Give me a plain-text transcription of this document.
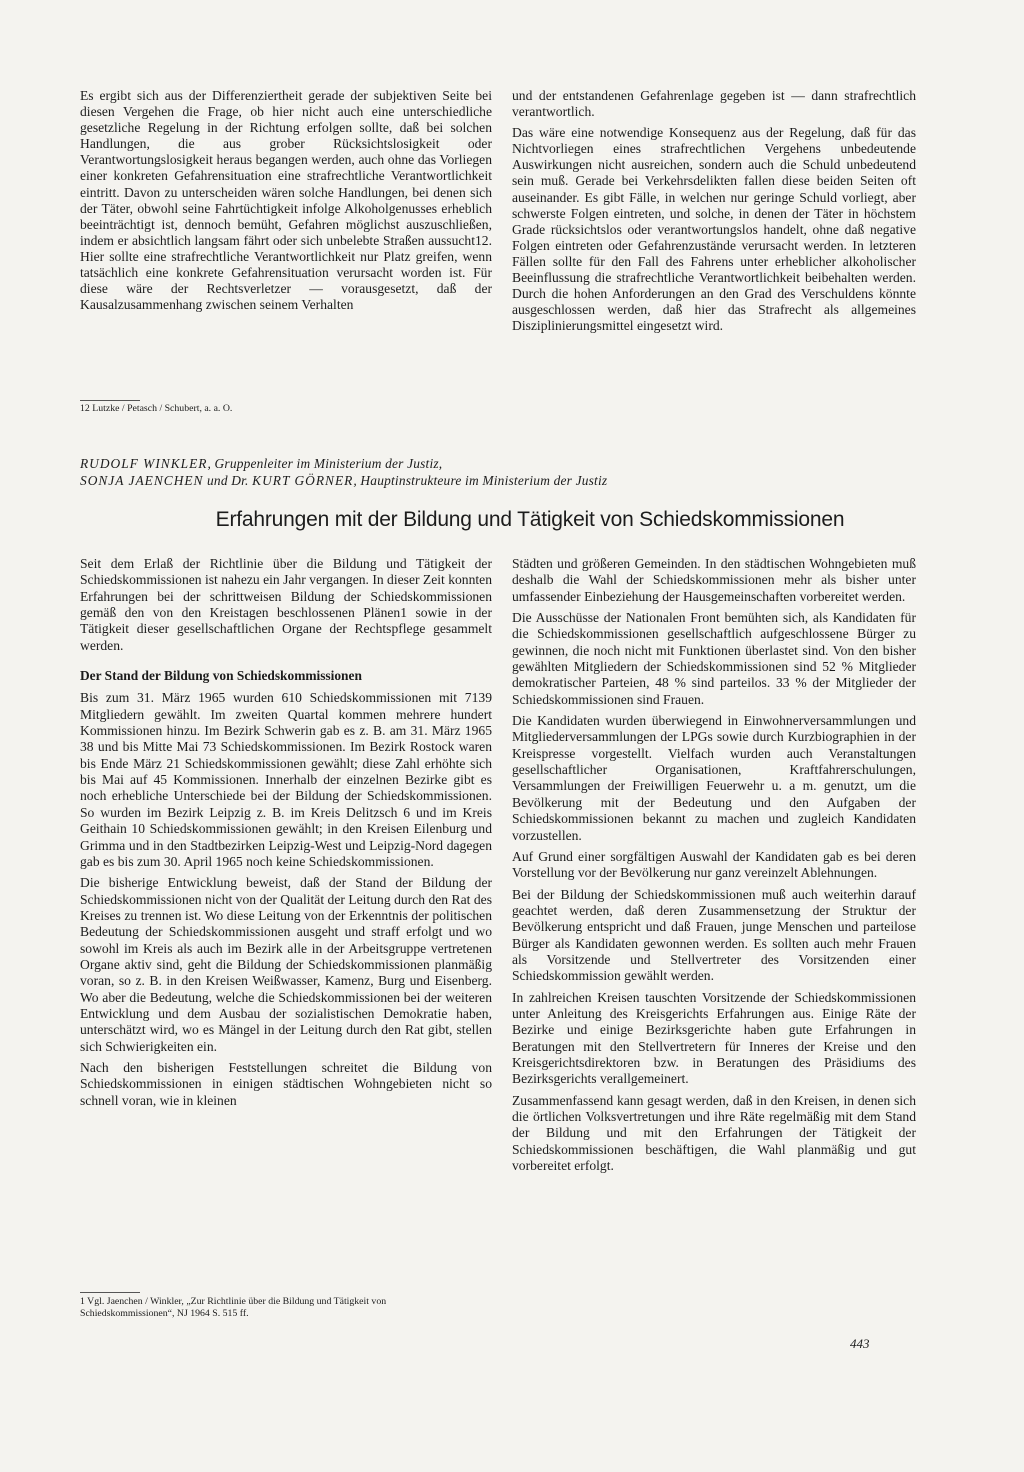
Es ergibt sich aus der Differenziertheit gerade der subjektiven Seite bei diesen Vergehen die Frage, ob hier nicht auch eine unterschiedliche gesetzliche Regelung in der Richtung erfolgen sollte, daß bei solchen Handlungen, die aus grober Rücksichtslosigkeit oder Verantwortungslosigkeit heraus begangen werden, auch ohne das Vorliegen einer konkreten Gefahrensituation eine strafrechtliche Verantwortlichkeit eintritt. Davon zu unterscheiden wären solche Handlungen, bei denen sich der Täter, obwohl seine Fahrtüchtigkeit infolge Alkoholgenusses erheblich beeinträchtigt ist, dennoch bemüht, Gefahren möglichst auszuschließen, indem er absichtlich langsam fährt oder sich unbelebte Straßen aussucht12. Hier sollte eine strafrechtliche Verantwortlichkeit nur Platz greifen, wenn tatsächlich eine konkrete Gefahrensituation verursacht worden ist. Für diese wäre der Rechtsverletzer — vorausgesetzt, daß der Kausalzusammenhang zwischen seinem Verhalten

12 Lutzke / Petasch / Schubert, a. a. O.

und der entstandenen Gefahrenlage gegeben ist — dann strafrechtlich verantwortlich.

Das wäre eine notwendige Konsequenz aus der Regelung, daß für das Nichtvorliegen eines strafrechtlichen Vergehens unbedeutende Auswirkungen nicht ausreichen, sondern auch die Schuld unbedeutend sein muß. Gerade bei Verkehrsdelikten fallen diese beiden Seiten oft auseinander. Es gibt Fälle, in welchen nur geringe Schuld vorliegt, aber schwerste Folgen eintreten, und solche, in denen der Täter in höchstem Grade rücksichtslos oder verantwortungslos handelt, ohne daß negative Folgen eintreten oder Gefahrenzustände verursacht werden. In letzteren Fällen sollte für den Fall des Fahrens unter erheblicher alkoholischer Beeinflussung die strafrechtliche Verantwortlichkeit beibehalten werden. Durch die hohen Anforderungen an den Grad des Verschuldens könnte ausgeschlossen werden, daß hier das Strafrecht als allgemeines Disziplinierungsmittel eingesetzt wird.

RUDOLF WINKLER, Gruppenleiter im Ministerium der Justiz,
SONJA JAENCHEN und Dr. KURT GÖRNER, Hauptinstrukteure im Ministerium der Justiz
Erfahrungen mit der Bildung und Tätigkeit von Schiedskommissionen

Seit dem Erlaß der Richtlinie über die Bildung und Tätigkeit der Schiedskommissionen ist nahezu ein Jahr vergangen. In dieser Zeit konnten Erfahrungen bei der schrittweisen Bildung der Schiedskommissionen gemäß den von den Kreistagen beschlossenen Plänen1 sowie in der Tätigkeit dieser gesellschaftlichen Organe der Rechtspflege gesammelt werden.

Der Stand der Bildung von Schiedskommissionen

Bis zum 31. März 1965 wurden 610 Schiedskommissionen mit 7139 Mitgliedern gewählt. Im zweiten Quartal kommen mehrere hundert Kommissionen hinzu. Im Bezirk Schwerin gab es z. B. am 31. März 1965 38 und bis Mitte Mai 73 Schiedskommissionen. Im Bezirk Rostock waren bis Ende März 21 Schiedskommissionen gewählt; diese Zahl erhöhte sich bis Mai auf 45 Kommissionen. Innerhalb der einzelnen Bezirke gibt es noch erhebliche Unterschiede bei der Bildung der Schiedskommissionen. So wurden im Bezirk Leipzig z. B. im Kreis Delitzsch 6 und im Kreis Geithain 10 Schiedskommissionen gewählt; in den Kreisen Eilenburg und Grimma und in den Stadtbezirken Leipzig-West und Leipzig-Nord dagegen gab es bis zum 30. April 1965 noch keine Schiedskommissionen.

Die bisherige Entwicklung beweist, daß der Stand der Bildung der Schiedskommissionen nicht von der Qualität der Leitung durch den Rat des Kreises zu trennen ist. Wo diese Leitung von der Erkenntnis der politischen Bedeutung der Schiedskommissionen ausgeht und straff erfolgt und wo sowohl im Kreis als auch im Bezirk alle in der Arbeitsgruppe vertretenen Organe aktiv sind, geht die Bildung der Schiedskommissionen planmäßig voran, so z. B. in den Kreisen Weißwasser, Kamenz, Burg und Eisenberg. Wo aber die Bedeutung, welche die Schiedskommissionen bei der weiteren Entwicklung und dem Ausbau der sozialistischen Demokratie haben, unterschätzt wird, wo es Mängel in der Leitung durch den Rat gibt, stellen sich Schwierigkeiten ein.

Nach den bisherigen Feststellungen schreitet die Bildung von Schiedskommissionen in einigen städtischen Wohngebieten nicht so schnell voran, wie in kleinen

1 Vgl. Jaenchen / Winkler, „Zur Richtlinie über die Bildung und Tätigkeit von Schiedskommissionen“, NJ 1964 S. 515 ff.

Städten und größeren Gemeinden. In den städtischen Wohngebieten muß deshalb die Wahl der Schiedskommissionen mehr als bisher unter umfassender Einbeziehung der Hausgemeinschaften vorbereitet werden.

Die Ausschüsse der Nationalen Front bemühten sich, als Kandidaten für die Schiedskommissionen gesellschaftlich aufgeschlossene Bürger zu gewinnen, die noch nicht mit Funktionen überlastet sind. Von den bisher gewählten Mitgliedern der Schiedskommissionen sind 52 % Mitglieder demokratischer Parteien, 48 % sind parteilos. 33 % der Mitglieder der Schiedskommissionen sind Frauen.

Die Kandidaten wurden überwiegend in Einwohnerversammlungen und Mitgliederversammlungen der LPGs sowie durch Kurzbiographien in der Kreispresse vorgestellt. Vielfach wurden auch Veranstaltungen gesellschaftlicher Organisationen, Kraftfahrerschulungen, Versammlungen der Freiwilligen Feuerwehr u. a m. genutzt, um die Bevölkerung mit der Bedeutung und den Aufgaben der Schiedskommissionen bekannt zu machen und zugleich Kandidaten vorzustellen.

Auf Grund einer sorgfältigen Auswahl der Kandidaten gab es bei deren Vorstellung vor der Bevölkerung nur ganz vereinzelt Ablehnungen.

Bei der Bildung der Schiedskommissionen muß auch weiterhin darauf geachtet werden, daß deren Zusammensetzung der Struktur der Bevölkerung entspricht und daß Frauen, junge Menschen und parteilose Bürger als Kandidaten gewonnen werden. Es sollten auch mehr Frauen als Vorsitzende und Stellvertreter des Vorsitzenden einer Schiedskommission gewählt werden.

In zahlreichen Kreisen tauschten Vorsitzende der Schiedskommissionen unter Anleitung des Kreisgerichts Erfahrungen aus. Einige Räte der Bezirke und einige Bezirksgerichte haben gute Erfahrungen in Beratungen mit den Stellvertretern für Inneres der Kreise und den Kreisgerichtsdirektoren bzw. in Beratungen des Präsidiums des Bezirksgerichts verallgemeinert.

Zusammenfassend kann gesagt werden, daß in den Kreisen, in denen sich die örtlichen Volksvertretungen und ihre Räte regelmäßig mit dem Stand der Bildung und mit den Erfahrungen der Tätigkeit der Schiedskommissionen beschäftigen, die Wahl planmäßig und gut vorbereitet erfolgt.

443
